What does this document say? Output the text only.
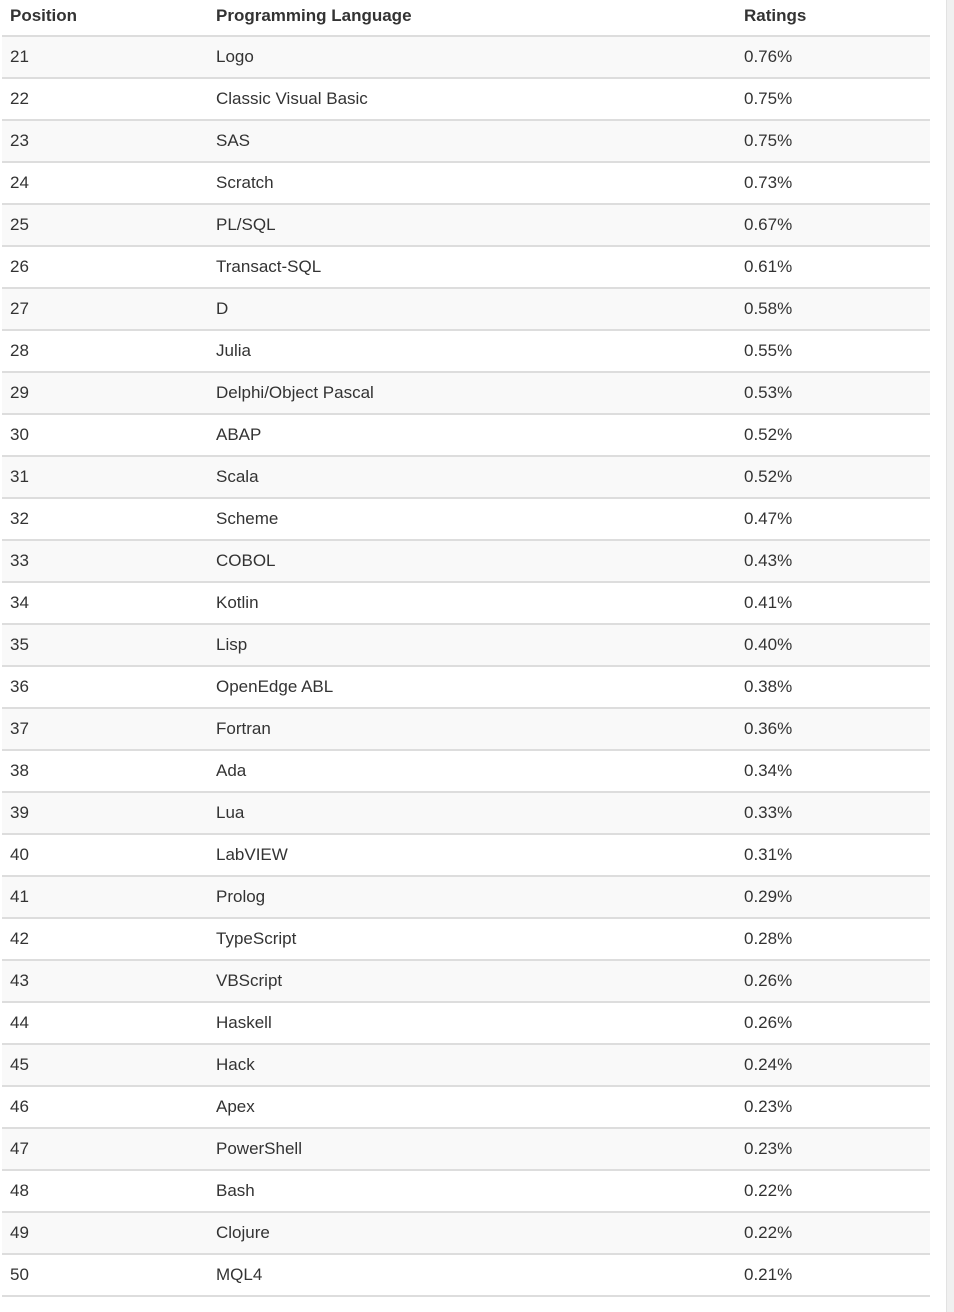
Position	Programming Language	Ratings
21	Logo	0.76%
22	Classic Visual Basic	0.75%
23	SAS	0.75%
24	Scratch	0.73%
25	PL/SQL	0.67%
26	Transact-SQL	0.61%
27	D	0.58%
28	Julia	0.55%
29	Delphi/Object Pascal	0.53%
30	ABAP	0.52%
31	Scala	0.52%
32	Scheme	0.47%
33	COBOL	0.43%
34	Kotlin	0.41%
35	Lisp	0.40%
36	OpenEdge ABL	0.38%
37	Fortran	0.36%
38	Ada	0.34%
39	Lua	0.33%
40	LabVIEW	0.31%
41	Prolog	0.29%
42	TypeScript	0.28%
43	VBScript	0.26%
44	Haskell	0.26%
45	Hack	0.24%
46	Apex	0.23%
47	PowerShell	0.23%
48	Bash	0.22%
49	Clojure	0.22%
50	MQL4	0.21%
